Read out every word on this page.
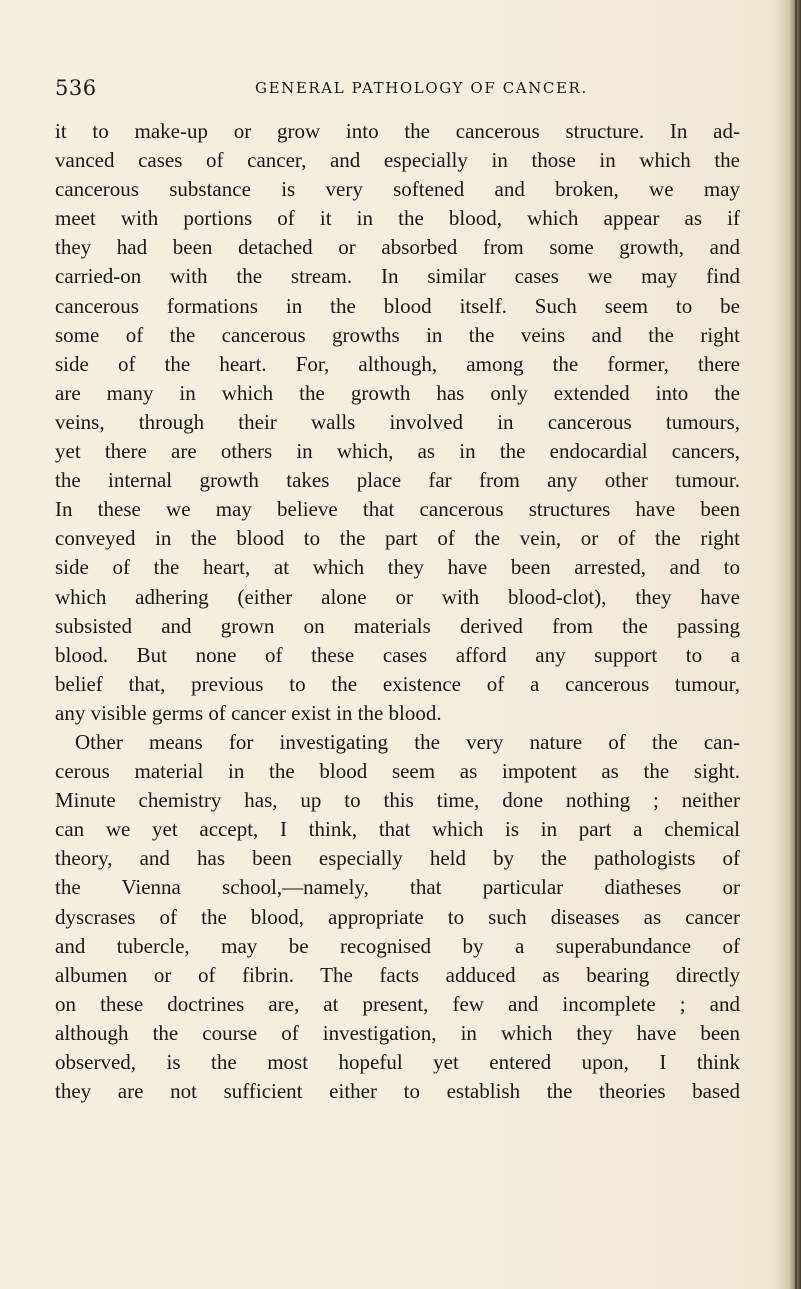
536	GENERAL PATHOLOGY OF CANCER.
it to make-up or grow into the cancerous structure. In ad-
vanced cases of cancer, and especially in those in which the
cancerous substance is very softened and broken, we may
meet with portions of it in the blood, which appear as if
they had been detached or absorbed from some growth, and
carried-on with the stream. In similar cases we may find
cancerous formations in the blood itself. Such seem to be
some of the cancerous growths in the veins and the right
side of the heart. For, although, among the former, there
are many in which the growth has only extended into the
veins, through their walls involved in cancerous tumours,
yet there are others in which, as in the endocardial cancers,
the internal growth takes place far from any other tumour.
In these we may believe that cancerous structures have been
conveyed in the blood to the part of the vein, or of the right
side of the heart, at which they have been arrested, and to
which adhering (either alone or with blood-clot), they have
subsisted and grown on materials derived from the passing
blood. But none of these cases afford any support to a
belief that, previous to the existence of a cancerous tumour,
any visible germs of cancer exist in the blood.
Other means for investigating the very nature of the can-
cerous material in the blood seem as impotent as the sight.
Minute chemistry has, up to this time, done nothing ; neither
can we yet accept, I think, that which is in part a chemical
theory, and has been especially held by the pathologists of
the Vienna school,—namely, that particular diatheses or
dyscrases of the blood, appropriate to such diseases as cancer
and tubercle, may be recognised by a superabundance of
albumen or of fibrin. The facts adduced as bearing directly
on these doctrines are, at present, few and incomplete ; and
although the course of investigation, in which they have been
observed, is the most hopeful yet entered upon, I think
they are not sufficient either to establish the theories based
